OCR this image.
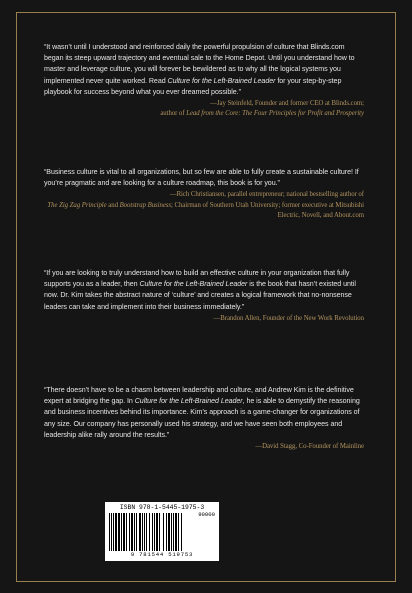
“It wasn’t until I understood and reinforced daily the powerful propulsion of culture that Blinds.com began its steep upward trajectory and eventual sale to the Home Depot. Until you understand how to master and leverage culture, you will forever be bewildered as to why all the logical systems you implemented never quite worked. Read Culture for the Left-Brained Leader for your step-by-step playbook for success beyond what you ever dreamed possible.”

—Jay Steinfeld, Founder and former CEO at Blinds.com;
author of Lead from the Core: The Four Principles for Profit and Prosperity

“Business culture is vital to all organizations, but so few are able to fully create a sustainable culture! If you’re pragmatic and are looking for a culture roadmap, this book is for you.”

—Rich Christiansen, parallel entrepreneur; national bestselling author of
The Zig Zag Principle and Bootstrap Business; Chairman of Southern Utah University; former executive at Mitsubishi Electric, Novell, and About.com

“If you are looking to truly understand how to build an effective culture in your organization that fully supports you as a leader, then Culture for the Left-Brained Leader is the book that hasn’t existed until now. Dr. Kim takes the abstract nature of ‘culture’ and creates a logical framework that no-nonsense leaders can take and implement into their business immediately.”

—Brandon Allen, Founder of the New Work Revolution

“There doesn’t have to be a chasm between leadership and culture, and Andrew Kim is the definitive expert at bridging the gap. In Culture for the Left-Brained Leader, he is able to demystify the reasoning and business incentives behind its importance. Kim’s approach is a game-changer for organizations of any size. Our company has personally used his strategy, and we have seen both employees and leadership alike rally around the results.”

—David Stagg, Co-Founder of Mainline

ISBN 978-1-5445-1975-3
90000
9 781544 519753
